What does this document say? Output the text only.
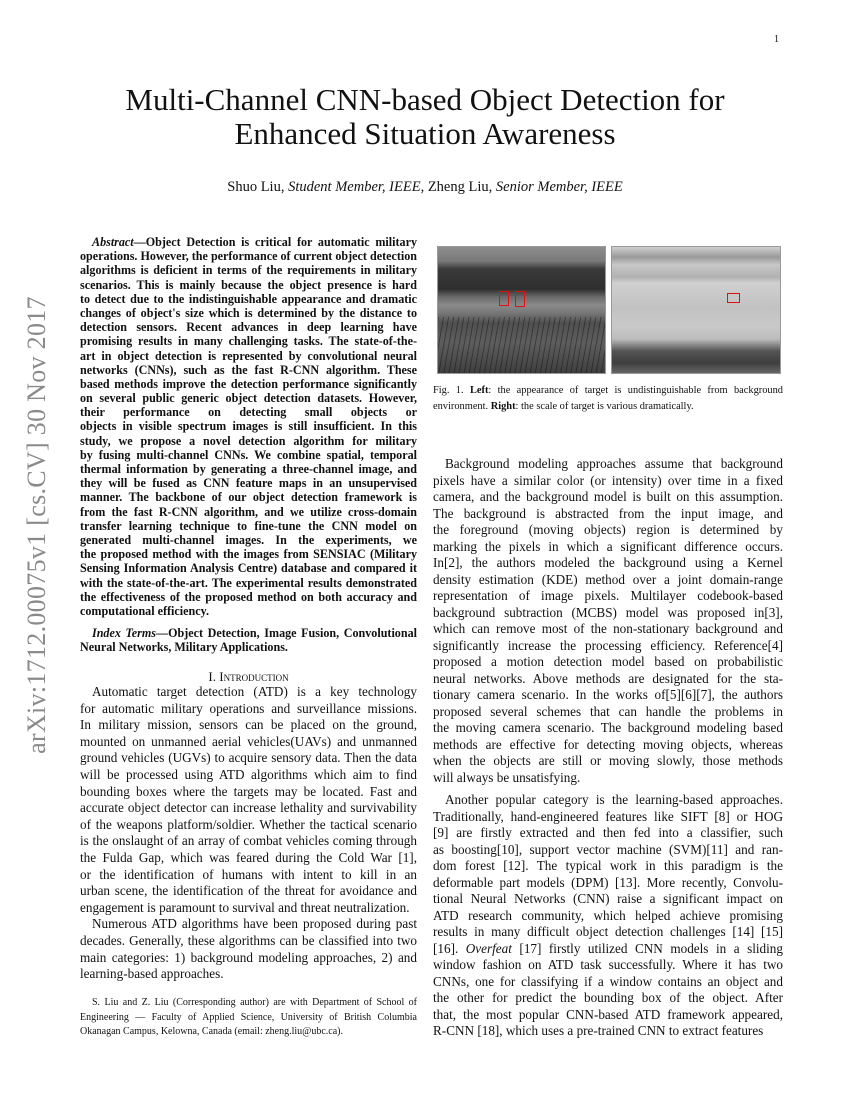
1
arXiv:1712.00075v1 [cs.CV] 30 Nov 2017
Multi-Channel CNN-based Object Detection for
Enhanced Situation Awareness
Shuo Liu, Student Member, IEEE, Zheng Liu, Senior Member, IEEE
Abstract—Object Detection is critical for automatic military
operations. However, the performance of current object detection
algorithms is deficient in terms of the requirements in military
scenarios. This is mainly because the object presence is hard
to detect due to the indistinguishable appearance and dramatic
changes of object's size which is determined by the distance to
detection sensors. Recent advances in deep learning have
promising results in many challenging tasks. The state-of-the-
art in object detection is represented by convolutional neural
networks (CNNs), such as the fast R-CNN algorithm. These
based methods improve the detection performance significantly
on several public generic object detection datasets. However,
their performance on detecting small objects or
objects in visible spectrum images is still insufficient. In this
study, we propose a novel detection algorithm for military
by fusing multi-channel CNNs. We combine spatial, temporal
thermal information by generating a three-channel image, and
they will be fused as CNN feature maps in an unsupervised
manner. The backbone of our object detection framework is
from the fast R-CNN algorithm, and we utilize cross-domain
transfer learning technique to fine-tune the CNN model on
generated multi-channel images. In the experiments, we
the proposed method with the images from SENSIAC (Military
Sensing Information Analysis Centre) database and compared it
with the state-of-the-art. The experimental results demonstrated
the effectiveness of the proposed method on both accuracy and
computational efficiency.
Index Terms—Object Detection, Image Fusion, Convolutional
Neural Networks, Military Applications.
I. Introduction
Automatic target detection (ATD) is a key technology
for automatic military operations and surveillance missions.
In military mission, sensors can be placed on the ground,
mounted on unmanned aerial vehicles(UAVs) and unmanned
ground vehicles (UGVs) to acquire sensory data. Then the data
will be processed using ATD algorithms which aim to find
bounding boxes where the targets may be located. Fast and
accurate object detector can increase lethality and survivability
of the weapons platform/soldier. Whether the tactical scenario
is the onslaught of an array of combat vehicles coming through
the Fulda Gap, which was feared during the Cold War [1],
or the identification of humans with intent to kill in an
urban scene, the identification of the threat for avoidance and
engagement is paramount to survival and threat neutralization.
Numerous ATD algorithms have been proposed during past
decades. Generally, these algorithms can be classified into two
main categories: 1) background modeling approaches, 2) and
learning-based approaches.
S. Liu and Z. Liu (Corresponding author) are with Department of School of
Engineering — Faculty of Applied Science, University of British Columbia
Okanagan Campus, Kelowna, Canada (email: zheng.liu@ubc.ca).
Fig. 1. Left: the appearance of target is undistinguishable from background
environment. Right: the scale of target is various dramatically.
Background modeling approaches assume that background
pixels have a similar color (or intensity) over time in a fixed
camera, and the background model is built on this assumption.
The background is abstracted from the input image, and
the foreground (moving objects) region is determined by
marking the pixels in which a significant difference occurs.
In[2], the authors modeled the background using a Kernel
density estimation (KDE) method over a joint domain-range
representation of image pixels. Multilayer codebook-based
background subtraction (MCBS) model was proposed in[3],
which can remove most of the non-stationary background and
significantly increase the processing efficiency. Reference[4]
proposed a motion detection model based on probabilistic
neural networks. Above methods are designated for the sta-
tionary camera scenario. In the works of[5][6][7], the authors
proposed several schemes that can handle the problems in
the moving camera scenario. The background modeling based
methods are effective for detecting moving objects, whereas
when the objects are still or moving slowly, those methods
will always be unsatisfying.
Another popular category is the learning-based approaches.
Traditionally, hand-engineered features like SIFT [8] or HOG
[9] are firstly extracted and then fed into a classifier, such
as boosting[10], support vector machine (SVM)[11] and ran-
dom forest [12]. The typical work in this paradigm is the
deformable part models (DPM) [13]. More recently, Convolu-
tional Neural Networks (CNN) raise a significant impact on
ATD research community, which helped achieve promising
results in many difficult object detection challenges [14] [15]
[16]. Overfeat [17] firstly utilized CNN models in a sliding
window fashion on ATD task successfully. Where it has two
CNNs, one for classifying if a window contains an object and
the other for predict the bounding box of the object. After
that, the most popular CNN-based ATD framework appeared,
R-CNN [18], which uses a pre-trained CNN to extract features
